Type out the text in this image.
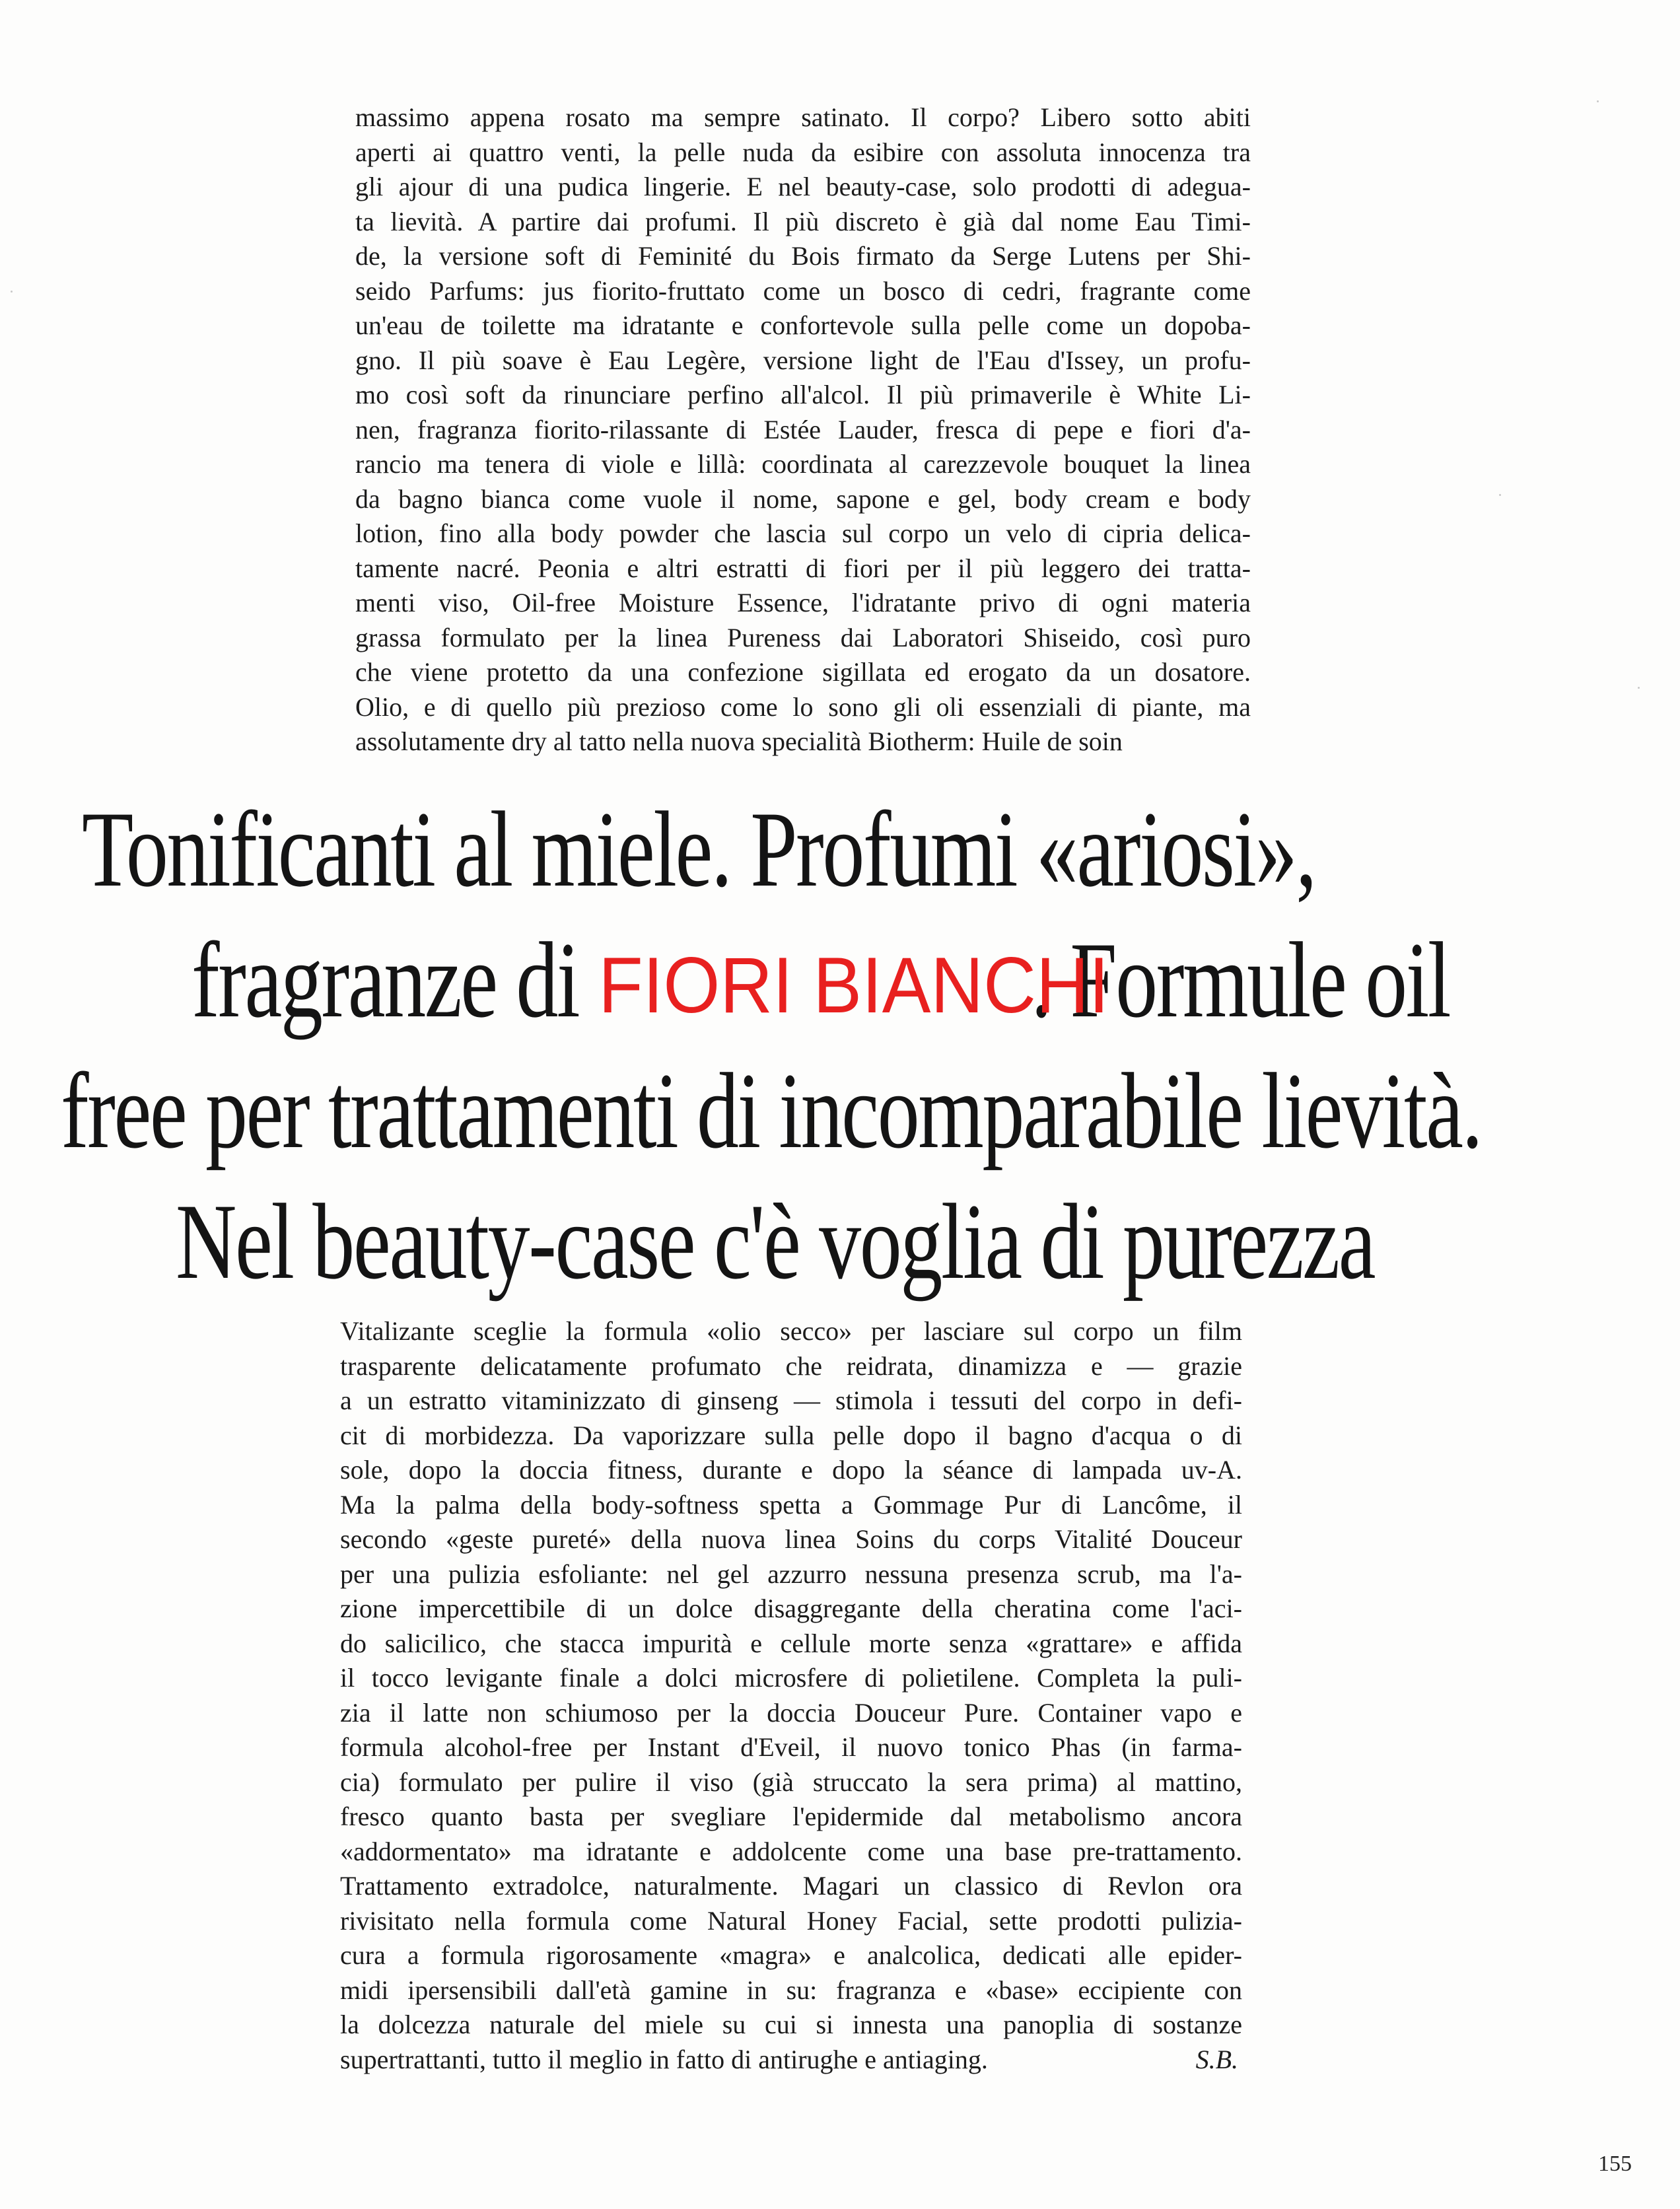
massimo appena rosato ma sempre satinato. Il corpo? Libero sotto abiti
aperti ai quattro venti, la pelle nuda da esibire con assoluta innocenza tra
gli ajour di una pudica lingerie. E nel beauty-case, solo prodotti di adegua-
ta lievità. A partire dai profumi. Il più discreto è già dal nome Eau Timi-
de, la versione soft di Feminité du Bois firmato da Serge Lutens per Shi-
seido Parfums: jus fiorito-fruttato come un bosco di cedri, fragrante come
un'eau de toilette ma idratante e confortevole sulla pelle come un dopoba-
gno. Il più soave è Eau Legère, versione light de l'Eau d'Issey, un profu-
mo così soft da rinunciare perfino all'alcol. Il più primaverile è White Li-
nen, fragranza fiorito-rilassante di Estée Lauder, fresca di pepe e fiori d'a-
rancio ma tenera di viole e lillà: coordinata al carezzevole bouquet la linea
da bagno bianca come vuole il nome, sapone e gel, body cream e body
lotion, fino alla body powder che lascia sul corpo un velo di cipria delica-
tamente nacré. Peonia e altri estratti di fiori per il più leggero dei tratta-
menti viso, Oil-free Moisture Essence, l'idratante privo di ogni materia
grassa formulato per la linea Pureness dai Laboratori Shiseido, così puro
che viene protetto da una confezione sigillata ed erogato da un dosatore.
Olio, e di quello più prezioso come lo sono gli oli essenziali di piante, ma
assolutamente dry al tatto nella nuova specialità Biotherm: Huile de soin
Tonificanti al miele. Profumi «ariosi»,
fragranze di FIORI BIANCHI. Formule oil
free per trattamenti di incomparabile lievità.
Nel beauty-case c'è voglia di purezza
Vitalizante sceglie la formula «olio secco» per lasciare sul corpo un film
trasparente delicatamente profumato che reidrata, dinamizza e — grazie
a un estratto vitaminizzato di ginseng — stimola i tessuti del corpo in defi-
cit di morbidezza. Da vaporizzare sulla pelle dopo il bagno d'acqua o di
sole, dopo la doccia fitness, durante e dopo la séance di lampada uv-A.
Ma la palma della body-softness spetta a Gommage Pur di Lancôme, il
secondo «geste pureté» della nuova linea Soins du corps Vitalité Douceur
per una pulizia esfoliante: nel gel azzurro nessuna presenza scrub, ma l'a-
zione impercettibile di un dolce disaggregante della cheratina come l'aci-
do salicilico, che stacca impurità e cellule morte senza «grattare» e affida
il tocco levigante finale a dolci microsfere di polietilene. Completa la puli-
zia il latte non schiumoso per la doccia Douceur Pure. Container vapo e
formula alcohol-free per Instant d'Eveil, il nuovo tonico Phas (in farma-
cia) formulato per pulire il viso (già struccato la sera prima) al mattino,
fresco quanto basta per svegliare l'epidermide dal metabolismo ancora
«addormentato» ma idratante e addolcente come una base pre-trattamento.
Trattamento extradolce, naturalmente. Magari un classico di Revlon ora
rivisitato nella formula come Natural Honey Facial, sette prodotti pulizia-
cura a formula rigorosamente «magra» e analcolica, dedicati alle epider-
midi ipersensibili dall'età gamine in su: fragranza e «base» eccipiente con
la dolcezza naturale del miele su cui si innesta una panoplia di sostanze
supertrattanti, tutto il meglio in fatto di antirughe e antiaging.	S.B.
155
